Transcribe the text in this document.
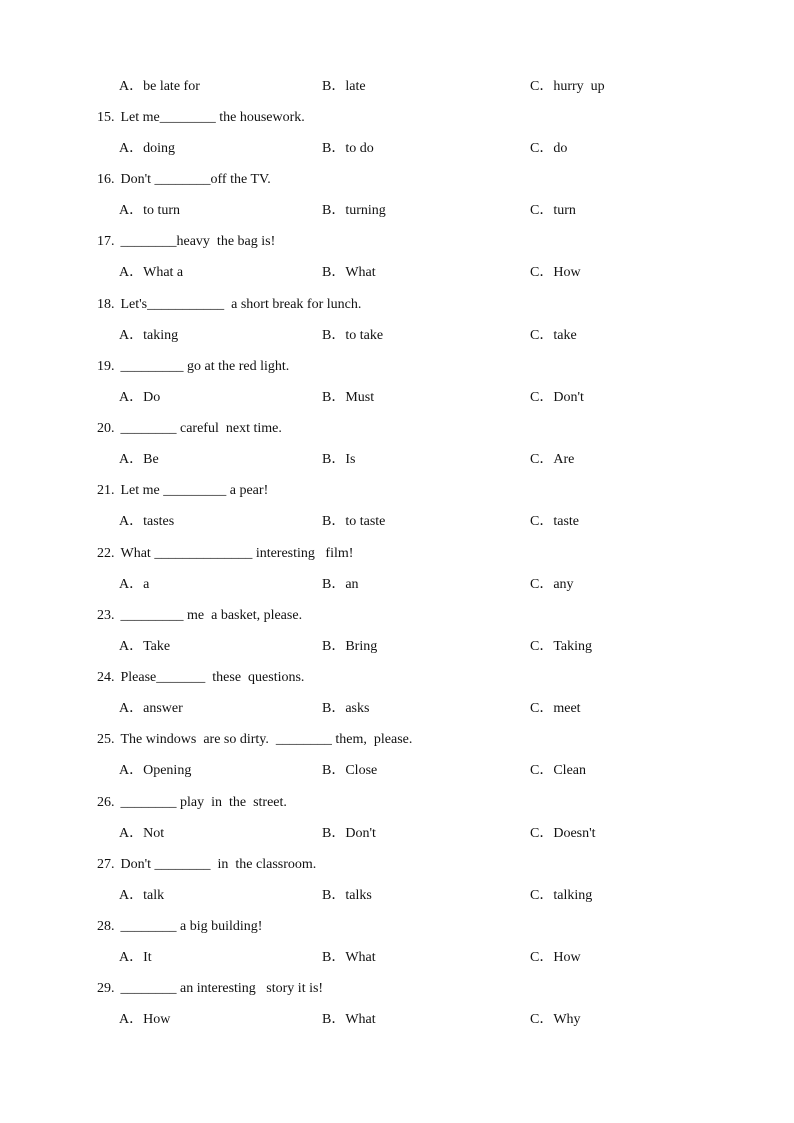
A．be late for	B．late	C．hurry  up
15. Let me________ the housework.
A．doing	B．to do	C．do
16. Don't ________off the TV.
A．to turn	B．turning	C．turn
17. ________heavy  the bag is!
A．What a	B．What	C．How
18. Let's___________  a short break for lunch.
A．taking	B．to take	C．take
19. _________ go at the red light.
A．Do	B．Must	C．Don't
20. ________ careful  next time.
A．Be	B．Is	C．Are
21. Let me _________ a pear!
A．tastes	B．to taste	C．taste
22. What ______________ interesting   film!
A．a	B．an	C．any
23. _________ me  a basket, please.
A．Take	B．Bring	C．Taking
24. Please_______  these  questions.
A．answer	B．asks	C．meet
25. The windows  are so dirty.  ________ them,  please.
A．Opening	B．Close	C．Clean
26. ________ play  in  the  street.
A．Not	B．Don't	C．Doesn't
27. Don't ________  in  the classroom.
A．talk	B．talks	C．talking
28. ________ a big building!
A．It	B．What	C．How
29. ________ an interesting   story it is!
A．How	B．What	C．Why
